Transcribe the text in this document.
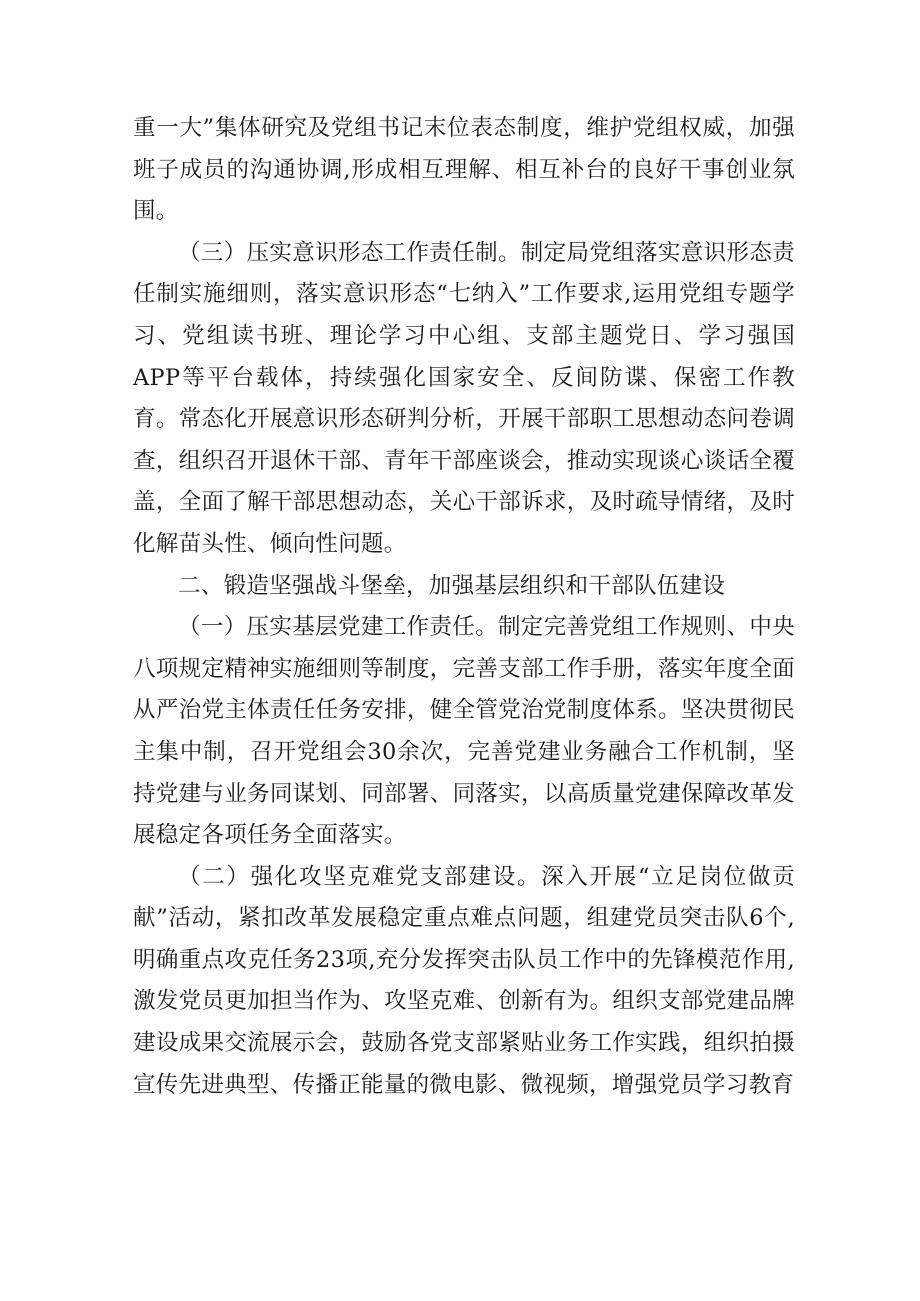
重一大”集体研究及党组书记末位表态制度，维护党组权威，加强班子成员的沟通协调,形成相互理解、相互补台的良好干事创业氛围。

（三）压实意识形态工作责任制。制定局党组落实意识形态责任制实施细则，落实意识形态“七纳入”工作要求,运用党组专题学习、党组读书班、理论学习中心组、支部主题党日、学习强国APP等平台载体，持续强化国家安全、反间防谍、保密工作教育。常态化开展意识形态研判分析，开展干部职工思想动态问卷调查，组织召开退休干部、青年干部座谈会，推动实现谈心谈话全覆盖，全面了解干部思想动态，关心干部诉求，及时疏导情绪，及时化解苗头性、倾向性问题。

二、锻造坚强战斗堡垒，加强基层组织和干部队伍建设

（一）压实基层党建工作责任。制定完善党组工作规则、中央八项规定精神实施细则等制度，完善支部工作手册，落实年度全面从严治党主体责任任务安排，健全管党治党制度体系。坚决贯彻民主集中制，召开党组会30余次，完善党建业务融合工作机制，坚持党建与业务同谋划、同部署、同落实，以高质量党建保障改革发展稳定各项任务全面落实。

（二）强化攻坚克难党支部建设。深入开展“立足岗位做贡献”活动，紧扣改革发展稳定重点难点问题，组建党员突击队6个,明确重点攻克任务23项,充分发挥突击队员工作中的先锋模范作用,激发党员更加担当作为、攻坚克难、创新有为。组织支部党建品牌建设成果交流展示会，鼓励各党支部紧贴业务工作实践，组织拍摄宣传先进典型、传播正能量的微电影、微视频，增强党员学习教育
